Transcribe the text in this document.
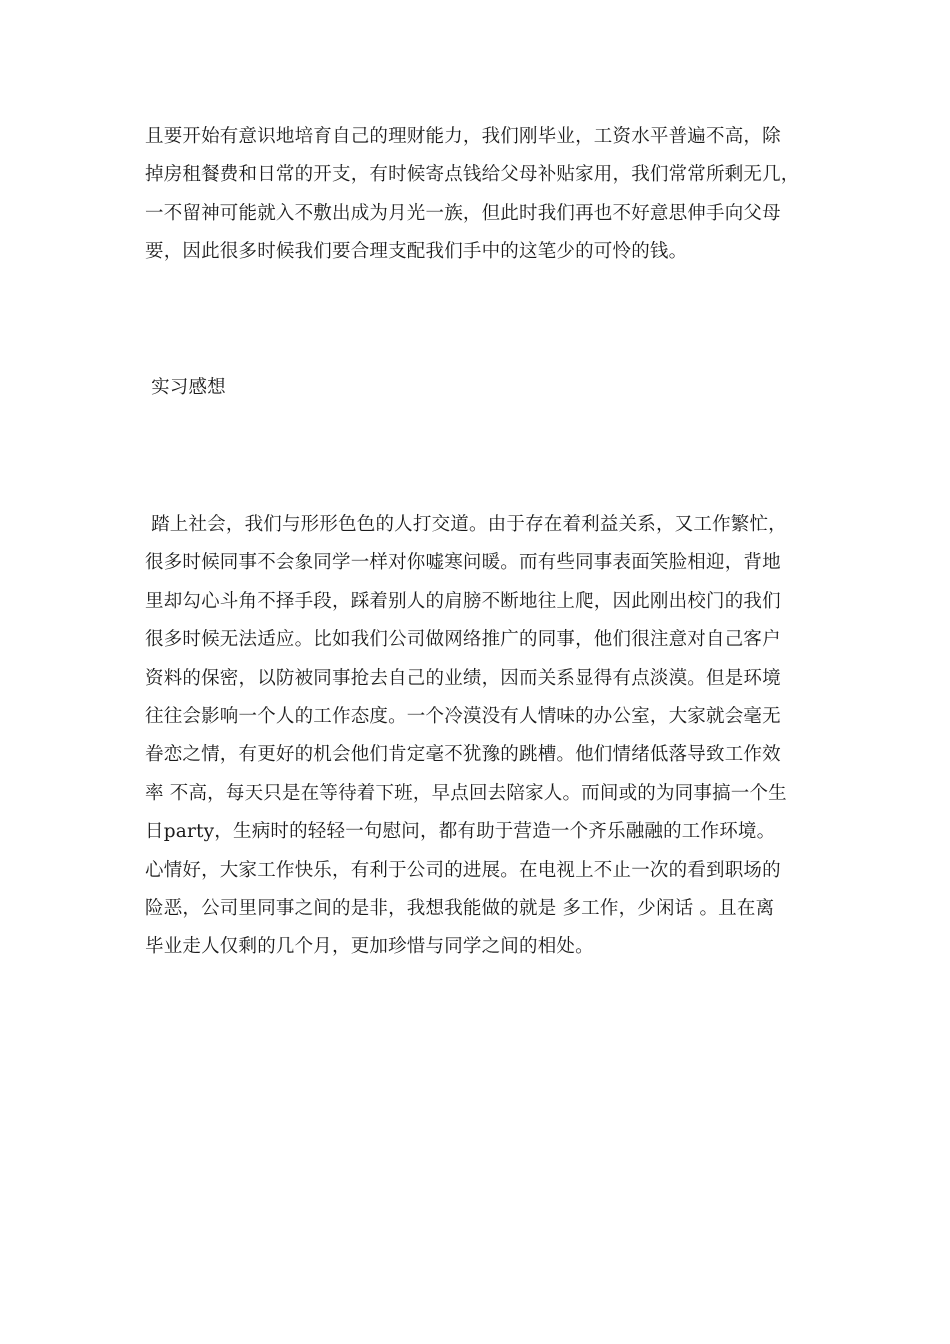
且要开始有意识地培育自己的理财能力，我们刚毕业，工资水平普遍不高，除
掉房租餐费和日常的开支，有时候寄点钱给父母补贴家用，我们常常所剩无几，
一不留神可能就入不敷出成为月光一族，但此时我们再也不好意思伸手向父母
要，因此很多时候我们要合理支配我们手中的这笔少的可怜的钱。

实习感想

踏上社会，我们与形形色色的人打交道。由于存在着利益关系，又工作繁忙，
很多时候同事不会象同学一样对你嘘寒问暖。而有些同事表面笑脸相迎，背地
里却勾心斗角不择手段，踩着别人的肩膀不断地往上爬，因此刚出校门的我们
很多时候无法适应。比如我们公司做网络推广的同事，他们很注意对自己客户
资料的保密，以防被同事抢去自己的业绩，因而关系显得有点淡漠。但是环境
往往会影响一个人的工作态度。一个冷漠没有人情味的办公室，大家就会毫无
眷恋之情，有更好的机会他们肯定毫不犹豫的跳槽。他们情绪低落导致工作效
率 不高，每天只是在等待着下班，早点回去陪家人。而间或的为同事搞一个生
日party，生病时的轻轻一句慰问，都有助于营造一个齐乐融融的工作环境。
心情好，大家工作快乐，有利于公司的进展。在电视上不止一次的看到职场的
险恶，公司里同事之间的是非，我想我能做的就是 多工作，少闲话 。且在离
毕业走人仅剩的几个月，更加珍惜与同学之间的相处。
